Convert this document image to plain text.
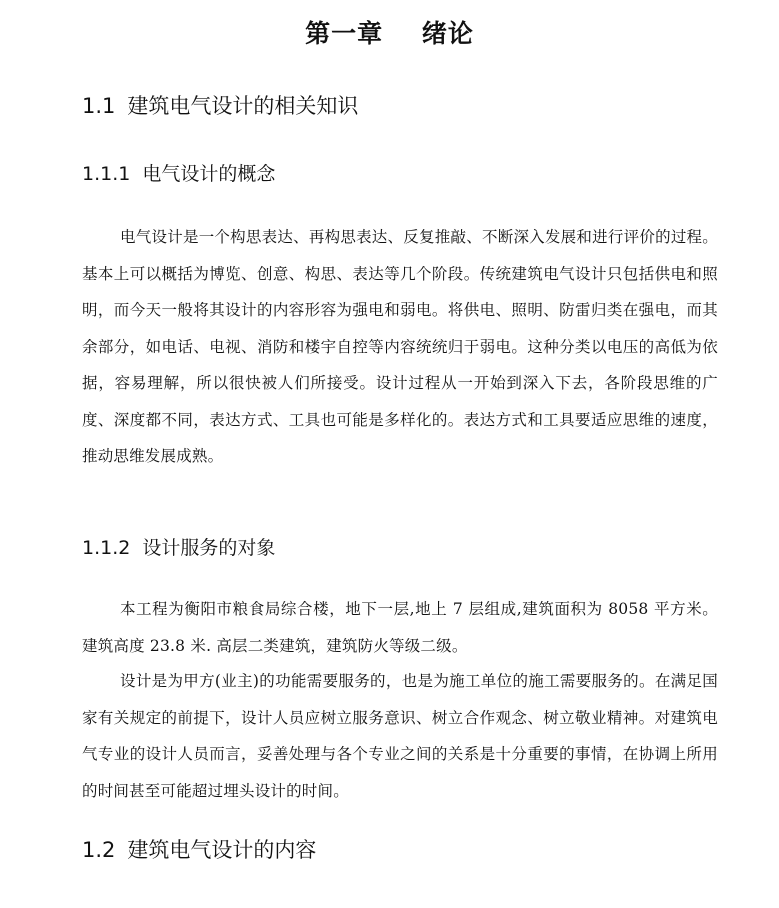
第一章    绪论
1.1 建筑电气设计的相关知识
1.1.1 电气设计的概念

电气设计是一个构思表达、再构思表达、反复推敲、不断深入发展和进行评价的过程。基本上可以概括为博览、创意、构思、表达等几个阶段。传统建筑电气设计只包括供电和照明，而今天一般将其设计的内容形容为强电和弱电。将供电、照明、防雷归类在强电，而其余部分，如电话、电视、消防和楼宇自控等内容统统归于弱电。这种分类以电压的高低为依据，容易理解，所以很快被人们所接受。设计过程从一开始到深入下去，各阶段思维的广度、深度都不同，表达方式、工具也可能是多样化的。表达方式和工具要适应思维的速度，推动思维发展成熟。

1.1.2 设计服务的对象

本工程为衡阳市粮食局综合楼，地下一层,地上 7 层组成,建筑面积为 8058 平方米。建筑高度 23.8 米. 高层二类建筑，建筑防火等级二级。

设计是为甲方(业主)的功能需要服务的，也是为施工单位的施工需要服务的。在满足国家有关规定的前提下，设计人员应树立服务意识、树立合作观念、树立敬业精神。对建筑电气专业的设计人员而言，妥善处理与各个专业之间的关系是十分重要的事情，在协调上所用的时间甚至可能超过埋头设计的时间。

1.2 建筑电气设计的内容
